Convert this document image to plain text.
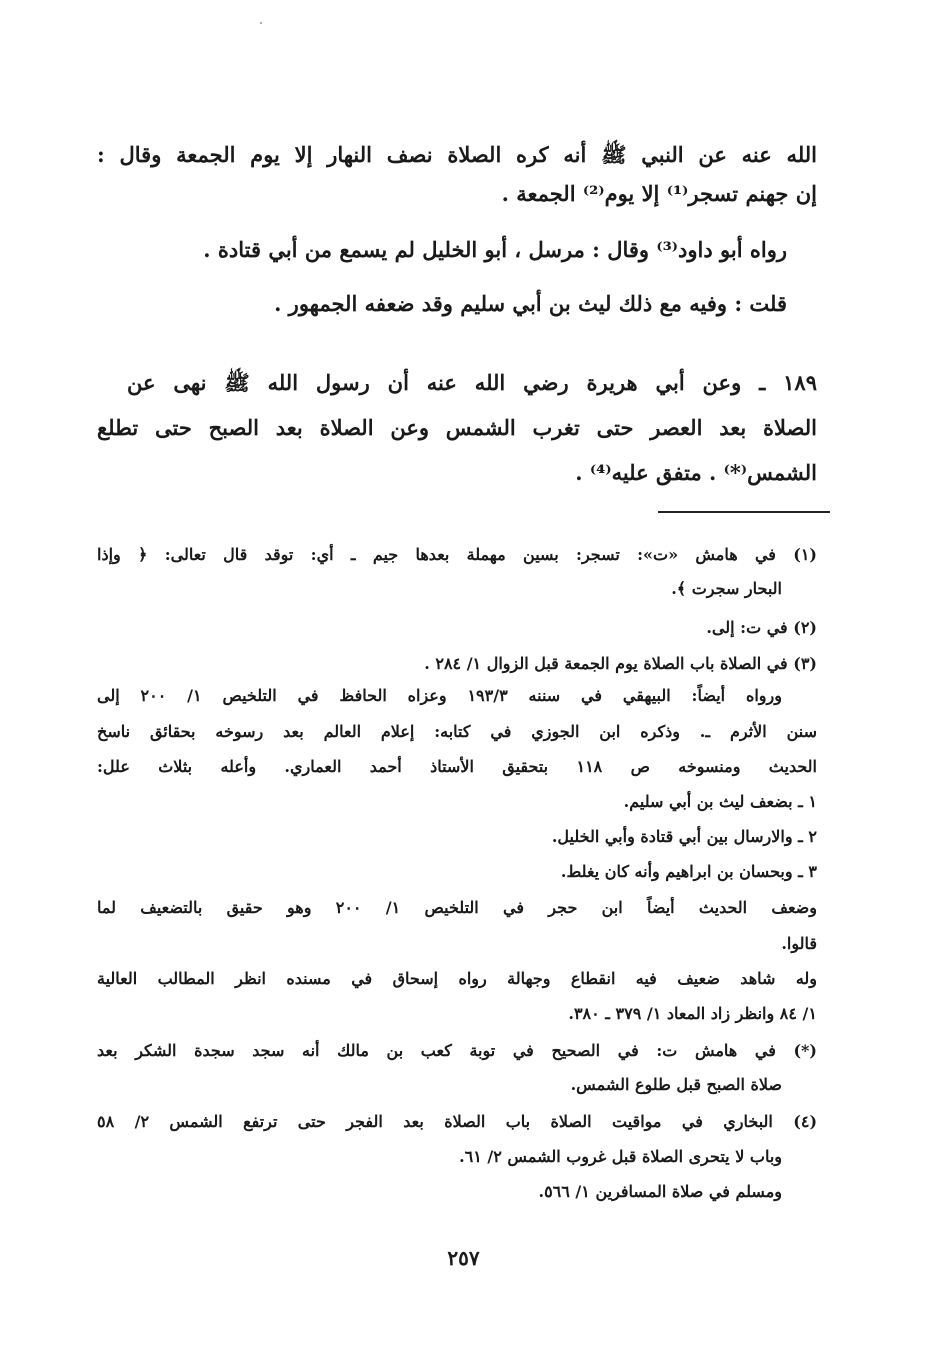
الله عنه عن النبي ﷺ أنه كره الصلاة نصف النهار إلا يوم الجمعة وقال :
إن جهنم تسجر⁽¹⁾ إلا يوم⁽²⁾ الجمعة .
رواه أبو داود⁽³⁾ وقال : مرسل ، أبو الخليل لم يسمع من أبي قتادة .
قلت : وفيه مع ذلك ليث بن أبي سليم وقد ضعفه الجمهور .
١٨٩ ـ وعن أبي هريرة رضي الله عنه أن رسول الله ﷺ نهى عن
الصلاة بعد العصر حتى تغرب الشمس وعن الصلاة بعد الصبح حتى تطلع
الشمس⁽*⁾ . متفق عليه⁽⁴⁾ .
(١) في هامش «ت»: تسجر: بسين مهملة بعدها جيم ـ أي: توقد قال تعالى: ﴿ وإذا
البحار سجرت ﴾.
(٢) في ت: إلى.
(٣) في الصلاة باب الصلاة يوم الجمعة قبل الزوال ١/ ٢٨٤ .
ورواه أيضاً: البيهقي في سننه ١٩٣/٣ وعزاه الحافظ في التلخيص ١/ ٢٠٠ إلى
سنن الأثرم ـ. وذكره ابن الجوزي في كتابه: إعلام العالم بعد رسوخه بحقائق ناسخ
الحديث ومنسوخه ص ١١٨ بتحقيق الأستاذ أحمد العماري. وأعله بثلاث علل:
١ ـ بضعف ليث بن أبي سليم.
٢ ـ والارسال بين أبي قتادة وأبي الخليل.
٣ ـ وبحسان بن ابراهيم وأنه كان يغلط.
وضعف الحديث أيضاً ابن حجر في التلخيص ١/ ٢٠٠ وهو حقيق بالتضعيف لما
قالوا.
وله شاهد ضعيف فيه انقطاع وجهالة رواه إسحاق في مسنده انظر المطالب العالية
١/ ٨٤ وانظر زاد المعاد ١/ ٣٧٩ ـ ٣٨٠.
(*) في هامش ت: في الصحيح في توبة كعب بن مالك أنه سجد سجدة الشكر بعد
صلاة الصبح قبل طلوع الشمس.
(٤) البخاري في مواقيت الصلاة باب الصلاة بعد الفجر حتى ترتفع الشمس ٢/ ٥٨
وباب لا يتحرى الصلاة قبل غروب الشمس ٢/ ٦١.
ومسلم في صلاة المسافرين ١/ ٥٦٦.
٢٥٧
